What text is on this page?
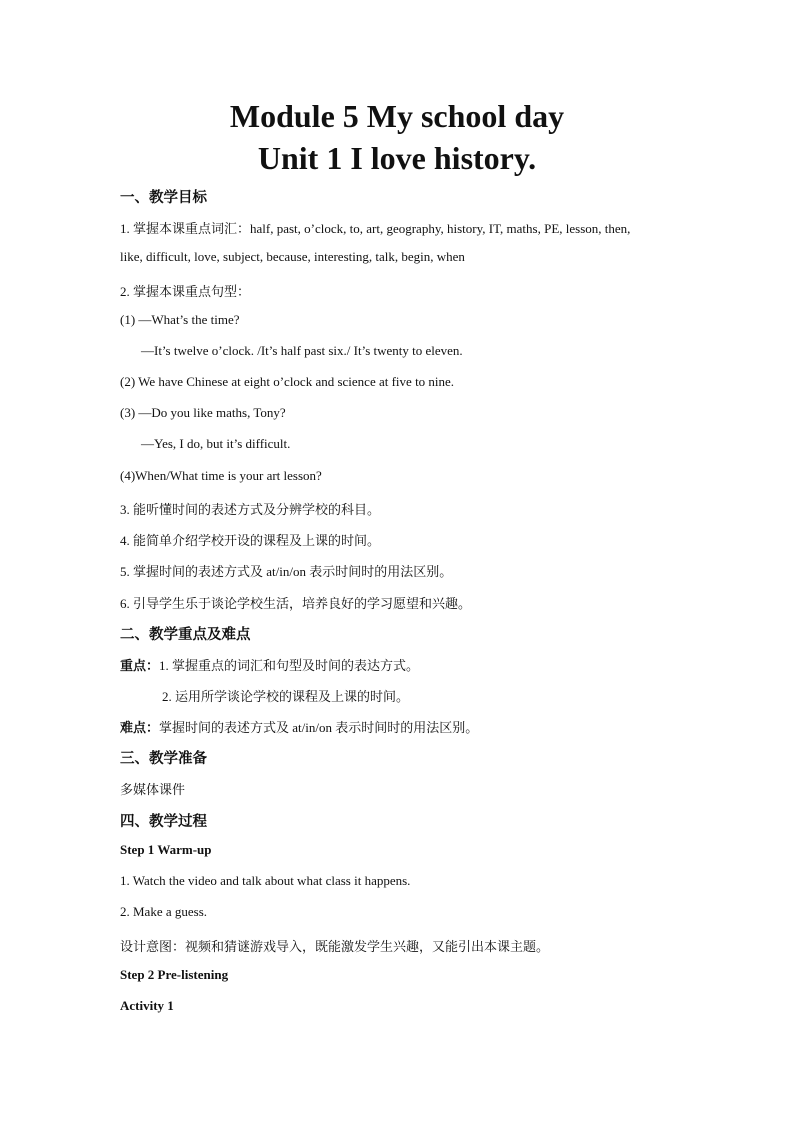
Module 5 My school day
Unit 1 I love history.
一、教学目标
1. 掌握本课重点词汇：half, past, o’clock, to, art, geography, history, IT, maths, PE, lesson, then,
like, difficult, love, subject, because, interesting, talk, begin, when
2. 掌握本课重点句型：
(1) —What’s the time?
—It’s twelve o’clock. /It’s half past six./ It’s twenty to eleven.
(2) We have Chinese at eight o’clock and science at five to nine.
(3) —Do you like maths, Tony?
—Yes, I do, but it’s difficult.
(4)When/What time is your art lesson?
3. 能听懂时间的表述方式及分辨学校的科目。
4. 能简单介绍学校开设的课程及上课的时间。
5. 掌握时间的表述方式及 at/in/on 表示时间时的用法区别。
6. 引导学生乐于谈论学校生活，培养良好的学习愿望和兴趣。
二、教学重点及难点
重点：1. 掌握重点的词汇和句型及时间的表达方式。
2. 运用所学谈论学校的课程及上课的时间。
难点：掌握时间的表述方式及 at/in/on 表示时间时的用法区别。
三、教学准备
多媒体课件
四、教学过程
Step 1 Warm-up
1. Watch the video and talk about what class it happens.
2. Make a guess.
设计意图：视频和猜谜游戏导入，既能激发学生兴趣，又能引出本课主题。
Step 2 Pre-listening
Activity 1
